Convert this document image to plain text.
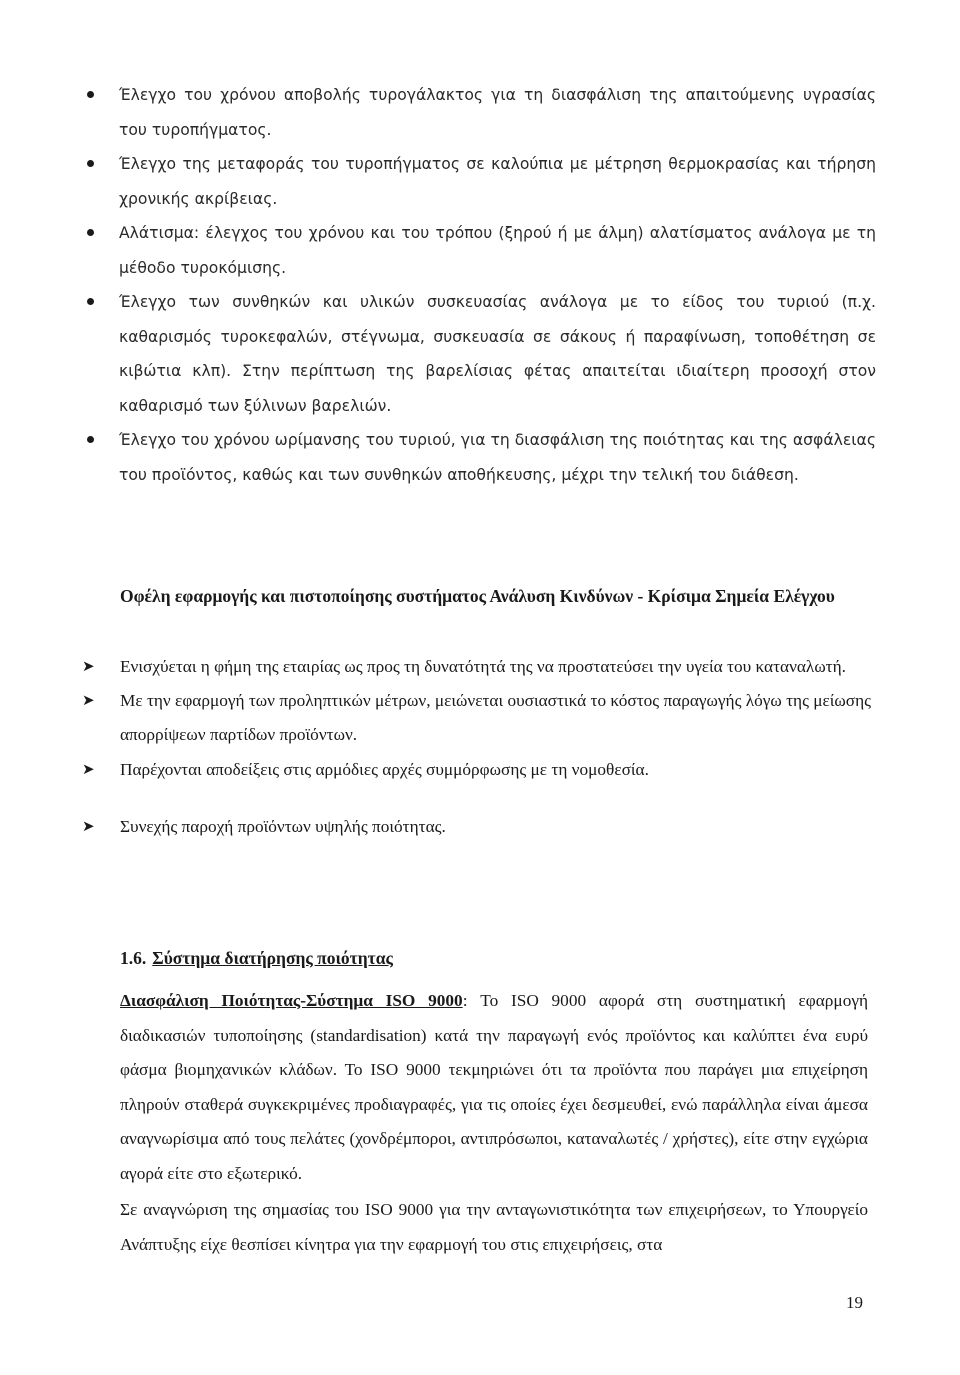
Έλεγχο του χρόνου αποβολής τυρογάλακτος για τη διασφάλιση της απαιτούμενης υγρασίας του τυροπήγματος.
Έλεγχο της μεταφοράς του τυροπήγματος σε καλούπια με μέτρηση θερμοκρασίας και τήρηση χρονικής ακρίβειας.
Αλάτισμα: έλεγχος του χρόνου και του τρόπου (ξηρού ή με άλμη) αλατίσματος ανάλογα με τη μέθοδο τυροκόμισης.
Έλεγχο των συνθηκών και υλικών συσκευασίας ανάλογα με το είδος του τυριού (π.χ. καθαρισμός τυροκεφαλών, στέγνωμα, συσκευασία σε σάκους ή παραφίνωση, τοποθέτηση σε κιβώτια κλπ). Στην περίπτωση της βαρελίσιας φέτας απαιτείται ιδιαίτερη προσοχή στον καθαρισμό των ξύλινων βαρελιών.
Έλεγχο του χρόνου ωρίμανσης του τυριού, για τη διασφάλιση της ποιότητας και της ασφάλειας του προϊόντος, καθώς και των συνθηκών αποθήκευσης, μέχρι την τελική του διάθεση.
Οφέλη εφαρμογής και πιστοποίησης συστήματος Ανάλυση Κινδύνων - Κρίσιμα Σημεία Ελέγχου
➤ Ενισχύεται η φήμη της εταιρίας ως προς τη δυνατότητά της να προστατεύσει την υγεία του καταναλωτή.
➤ Με την εφαρμογή των προληπτικών μέτρων, μειώνεται ουσιαστικά το κόστος παραγωγής λόγω της μείωσης απορρίψεων παρτίδων προϊόντων.
➤ Παρέχονται αποδείξεις στις αρμόδιες αρχές συμμόρφωσης με τη νομοθεσία.
➤ Συνεχής παροχή προϊόντων υψηλής ποιότητας.
1.6. Σύστημα διατήρησης ποιότητας

Διασφάλιση Ποιότητας-Σύστημα ISO 9000: Το ISO 9000 αφορά στη συστηματική εφαρμογή διαδικασιών τυποποίησης (standardisation) κατά την παραγωγή ενός προϊόντος και καλύπτει ένα ευρύ φάσμα βιομηχανικών κλάδων. Το ISO 9000 τεκμηριώνει ότι τα προϊόντα που παράγει μια επιχείρηση πληρούν σταθερά συγκεκριμένες προδιαγραφές, για τις οποίες έχει δεσμευθεί, ενώ παράλληλα είναι άμεσα αναγνωρίσιμα από τους πελάτες (χονδρέμποροι, αντιπρόσωποι, καταναλωτές / χρήστες), είτε στην εγχώρια αγορά είτε στο εξωτερικό.

Σε αναγνώριση της σημασίας του ISO 9000 για την ανταγωνιστικότητα των επιχειρήσεων, το Υπουργείο Ανάπτυξης είχε θεσπίσει κίνητρα για την εφαρμογή του στις επιχειρήσεις, στα

19
